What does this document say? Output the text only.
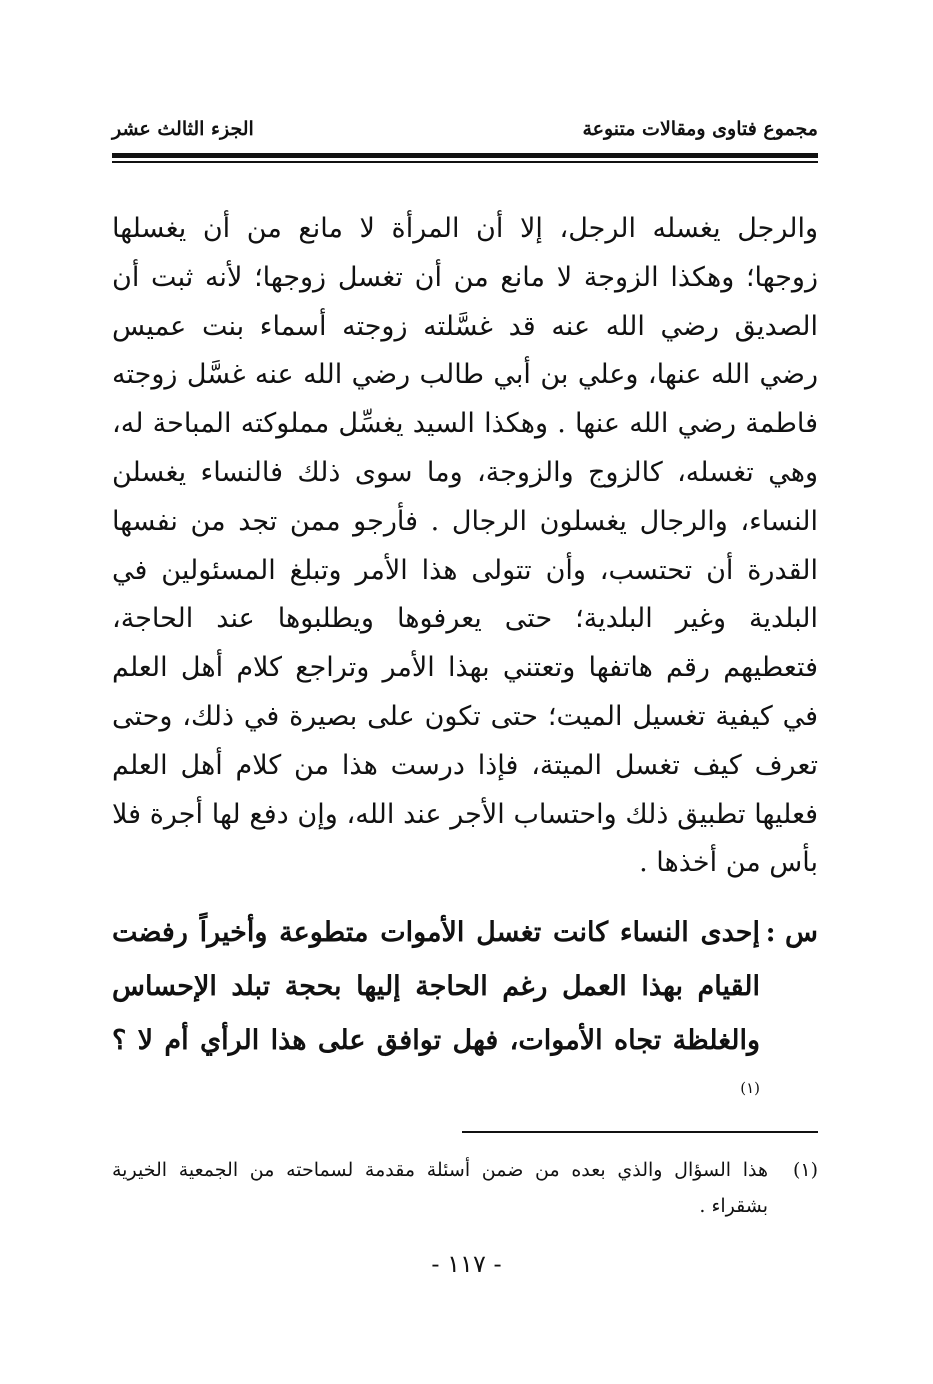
مجموع فتاوى ومقالات متنوعة
الجزء الثالث عشر

والرجل يغسله الرجل، إلا أن المرأة لا مانع من أن يغسلها زوجها؛ وهكذا الزوجة لا مانع من أن تغسل زوجها؛ لأنه ثبت أن الصديق رضي الله عنه قد غسَّلته زوجته أسماء بنت عميس رضي الله عنها، وعلي بن أبي طالب رضي الله عنه غسَّل زوجته فاطمة رضي الله عنها . وهكذا السيد يغسِّل مملوكته المباحة له، وهي تغسله، كالزوج والزوجة، وما سوى ذلك فالنساء يغسلن النساء، والرجال يغسلون الرجال . فأرجو ممن تجد من نفسها القدرة أن تحتسب، وأن تتولى هذا الأمر وتبلغ المسئولين في البلدية وغير البلدية؛ حتى يعرفوها ويطلبوها عند الحاجة، فتعطيهم رقم هاتفها وتعتني بهذا الأمر وتراجع كلام أهل العلم في كيفية تغسيل الميت؛ حتى تكون على بصيرة في ذلك، وحتى تعرف كيف تغسل الميتة، فإذا درست هذا من كلام أهل العلم فعليها تطبيق ذلك واحتساب الأجر عند الله، وإن دفع لها أجرة فلا بأس من أخذها .

س :
إحدى النساء كانت تغسل الأموات متطوعة وأخيراً رفضت القيام بهذا العمل رغم الحاجة إليها بحجة تبلد الإحساس والغلظة تجاه الأموات، فهل توافق على هذا الرأي أم لا ؟$^{(١)}$
(١)
هذا السؤال والذي بعده من ضمن أسئلة مقدمة لسماحته من الجمعية الخيرية بشقراء .
- ١١٧ -
